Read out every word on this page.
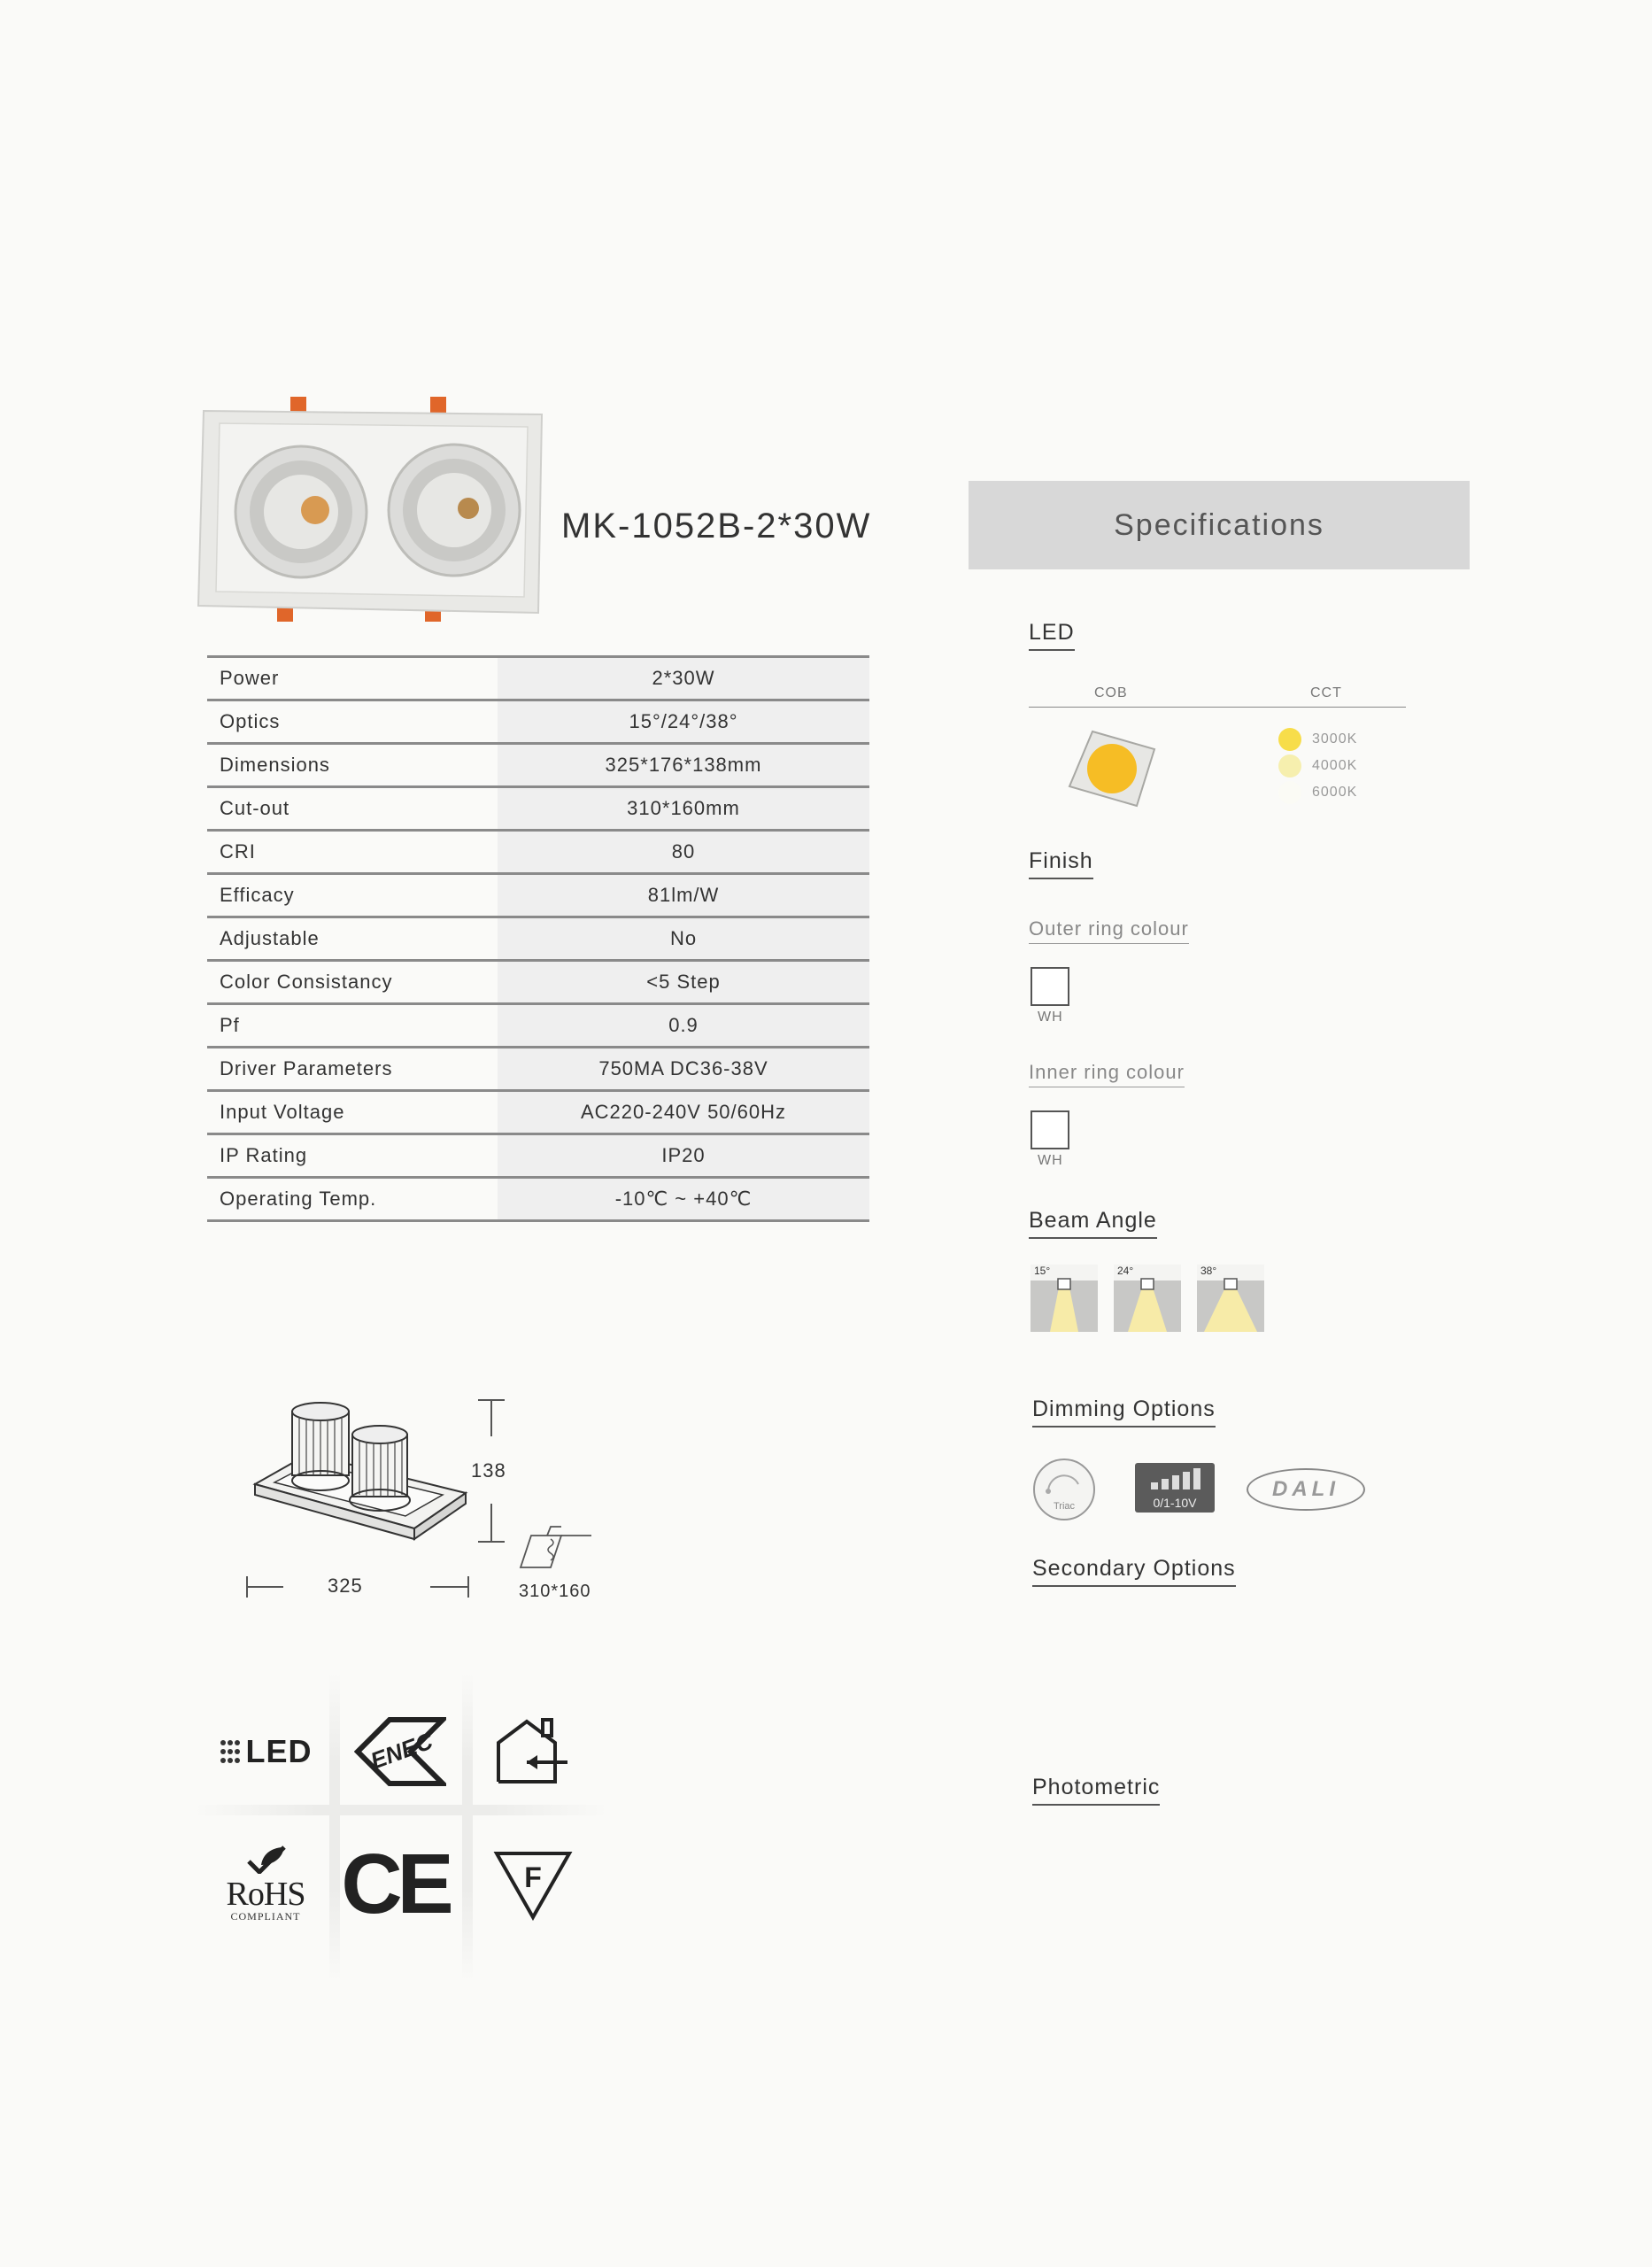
MK-1052B-2*30W
Power	2*30W
Optics	15°/24°/38°
Dimensions	325*176*138mm
Cut-out	310*160mm
CRI	80
Efficacy	81lm/W
Adjustable	No
Color Consistancy	<5 Step
Pf	0.9
Driver Parameters	750MA DC36-38V
Input Voltage	AC220-240V 50/60Hz
IP Rating	IP20
Operating Temp.	-10℃ ~ +40℃
Specifications
LED
COB	CCT
3000K
4000K
6000K
Finish
Outer ring colour
WH
Inner ring colour
WH
Beam Angle
15°	24°	38°
Dimming Options
Triac	0/1-10V
DALI
Secondary Options
Photometric
138
325	310*160
LED ENEC
RoHS
COMPLIANT CE	F
